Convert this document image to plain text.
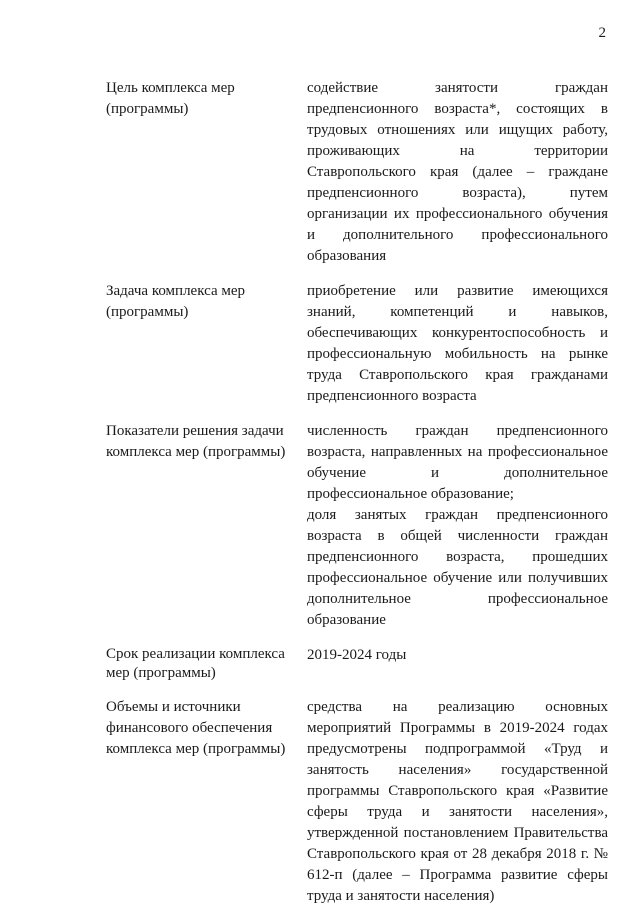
2
Цель комплекса мер (программы)

содействие занятости граждан предпенсионного возраста*, состоящих в трудовых отношениях или ищущих работу, проживающих на территории Ставропольского края (далее – граждане предпенсионного возраста), путем организации их профессионального обучения и дополнительного профессионального образования

Задача комплекса мер (программы)

приобретение или развитие имеющихся знаний, компетенций и навыков, обеспечивающих конкурентоспособность и профессиональную мобильность на рынке труда Ставропольского края гражданами предпенсионного возраста

Показатели решения задачи комплекса мер (программы)

численность граждан предпенсионного возраста, направленных на профессиональное обучение и дополнительное профессиональное образование;

доля занятых граждан предпенсионного возраста в общей численности граждан предпенсионного возраста, прошедших профессиональное обучение или получивших дополнительное профессиональное образование

Срок реализации комплекса мер (программы)

2019-2024 годы

Объемы и источники финансового обеспечения комплекса мер (программы)

средства на реализацию основных мероприятий Программы в 2019-2024 годах предусмотрены подпрограммой «Труд и занятость населения» государственной программы Ставропольского края «Развитие сферы труда и занятости населения», утвержденной постановлением Правительства Ставропольского края от 28 декабря 2018 г. № 612-п (далее – Программа развитие сферы труда и занятости населения)
